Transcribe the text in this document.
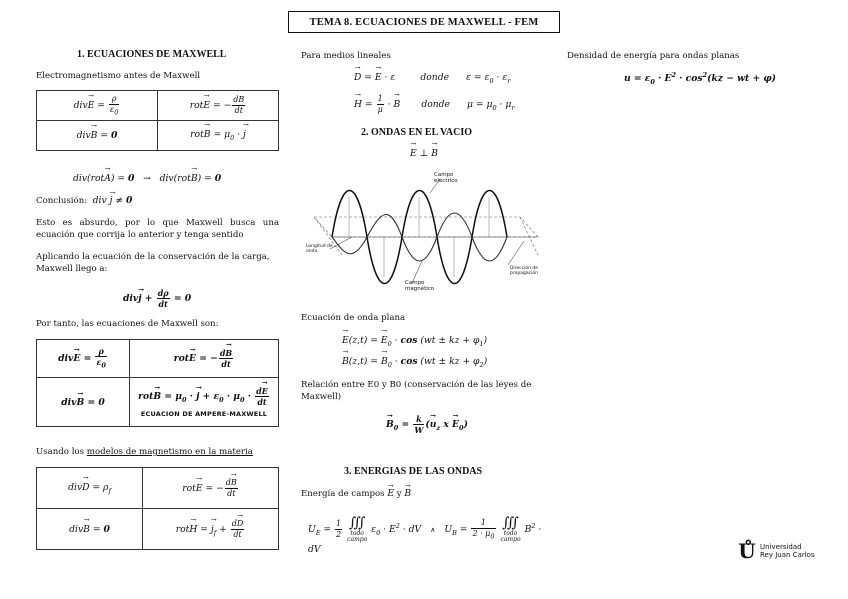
TEMA 8. ECUACIONES DE MAXWELL - FEM
1. ECUACIONES DE MAXWELL
Electromagnetismo antes de Maxwell
$div\to E = \frac{\rho}{\varepsilon_0}$	rot→ E = − $\frac{dB}{dt}$

div→ B = 0	$rot\to B = \mu_0$ · → j
div(rot→ A) = 0   →   div(rot→ B) = 0
Conclusión: div → j ≠ 0
Esto es absurdo, por lo que Maxwell busca una ecuación que corrija lo anterior y tenga sentido
Aplicando la ecuación de la conservación de la carga, Maxwell llego a:
$div\to j + \frac{d\rho}{dt} = 0$
Por tanto, las ecuaciones de Maxwell son:
$div\to E = \frac{\rho}{\varepsilon_0}$	rot→ E = − $\frac{d\to B}{dt}$

div→ B = 0	$rot\to B = \mu_0$ · → $j + \varepsilon_0 \cdot \mu_0 \cdot \frac{d\to E}{dt}$
ECUACION DE AMPERE-MAXWELL
Usando los modelos de magnetismo en la materia
$div\to D = \rho_f$	rot→ E = − $\frac{d\to B}{dt}$

div→ B = 0	rot→ H = → $j_f + \frac{d\to D}{dt}$
Para medios lineales
→ D = → E · ε	donde $\varepsilon = \varepsilon_0 \cdot \varepsilon_r$
→ $H = \frac{1}{\mu}$ · → B donde $\mu = \mu_0 \cdot \mu_r$
2. ONDAS EN EL VACIO
→ E ⊥ → B
Campo eléctrico
Longitud de onda
Campo magnético
Dirección de propagación
Ecuación de onda plana
→ E(z,t) = → $E_0 \cdot \cos (wt$ ± kz + $\varphi_1$)
→ B(z,t) = → $B_0 \cdot \cos (wt$ ± kz + $\varphi_2$)
Relación entre E0 y B0 (conservación de las leyes de Maxwell)
→ $B_0 = \frac{k}{W}$ (→ $u_z$ $x \to E_0$)
3. ENERGIAS DE LAS ONDAS
Energía de campos → E y → B
$U_E = \frac{1}{2}$ ∭
todo campo $\varepsilon_0 \cdot E^2$ · dV ∧ $U_B = \frac{1}{2 \cdot \mu_0}$ ∭
todo campo $B^2$ · dV
Densidad de energía para ondas planas
$u = \varepsilon_0 \cdot E^2 \cdot \cos^2(kz$ − wt + φ)
Ů Universidad
Rey Juan Carlos
